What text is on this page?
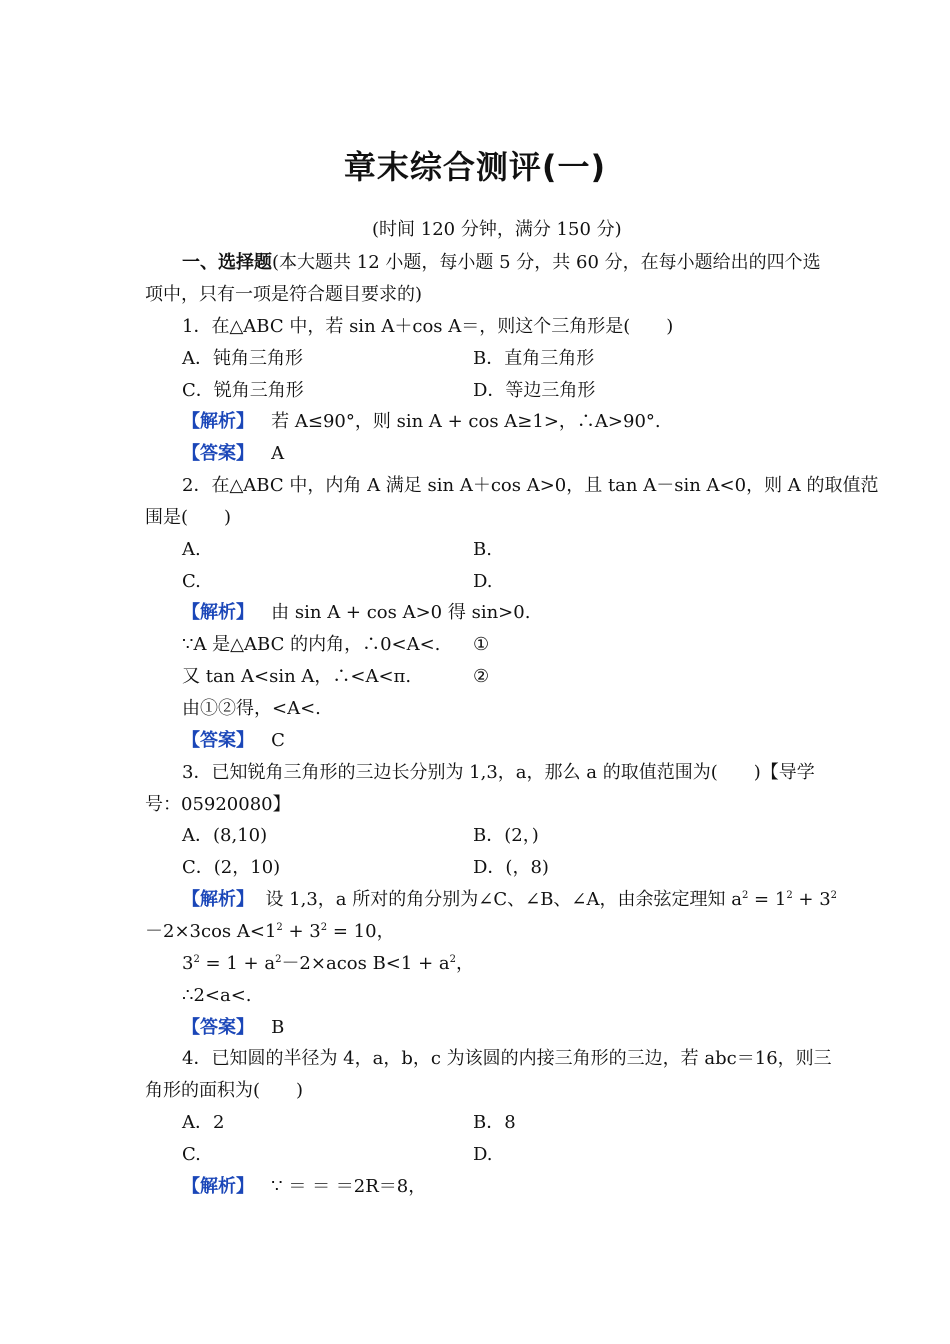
章末综合测评(一)
(时间 120 分钟，满分 150 分)
一、选择题(本大题共 12 小题，每小题 5 分，共 60 分，在每小题给出的四个选
项中，只有一项是符合题目要求的)
1．在△ABC 中，若 sin A＋cos A＝，则这个三角形是(　　)
A．钝角三角形	B．直角三角形
C．锐角三角形	D．等边三角形
【解析】 若 A≤90°，则 sin A + cos A≥1>，∴A>90°.
【答案】 A
2．在△ABC 中，内角 A 满足 sin A＋cos A>0，且 tan A－sin A<0，则 A 的取值范
围是(　　)
A.	B.
C.	D.
【解析】 由 sin A + cos A>0 得 sin>0.
∵A 是△ABC 的内角，∴0<A<. ①
又 tan A<sin A，∴<A<π.	②
由①②得，<A<.
【答案】 C
3．已知锐角三角形的三边长分别为 1,3，a，那么 a 的取值范围为(　　)【导学
号：05920080】
A．(8,10)	B．(2，)
C．(2，10)	D．(，8)
【解析】 设 1,3，a 所对的角分别为∠C、∠B、∠A，由余弦定理知 $a^2 = 1^2 + 3^2$
－2×3cos $A<1^2 + 3^2 = 10$，
$3^2 = 1 + a^2-2\times acos$ $B<1 + a^2$，
∴2<a<.
【答案】 B
4．已知圆的半径为 4，a，b，c 为该圆的内接三角形的三边，若 abc＝16，则三
角形的面积为(　　)
A．2	B．8
C.	D.
【解析】 ∵ ＝ ＝ ＝2R＝8，
